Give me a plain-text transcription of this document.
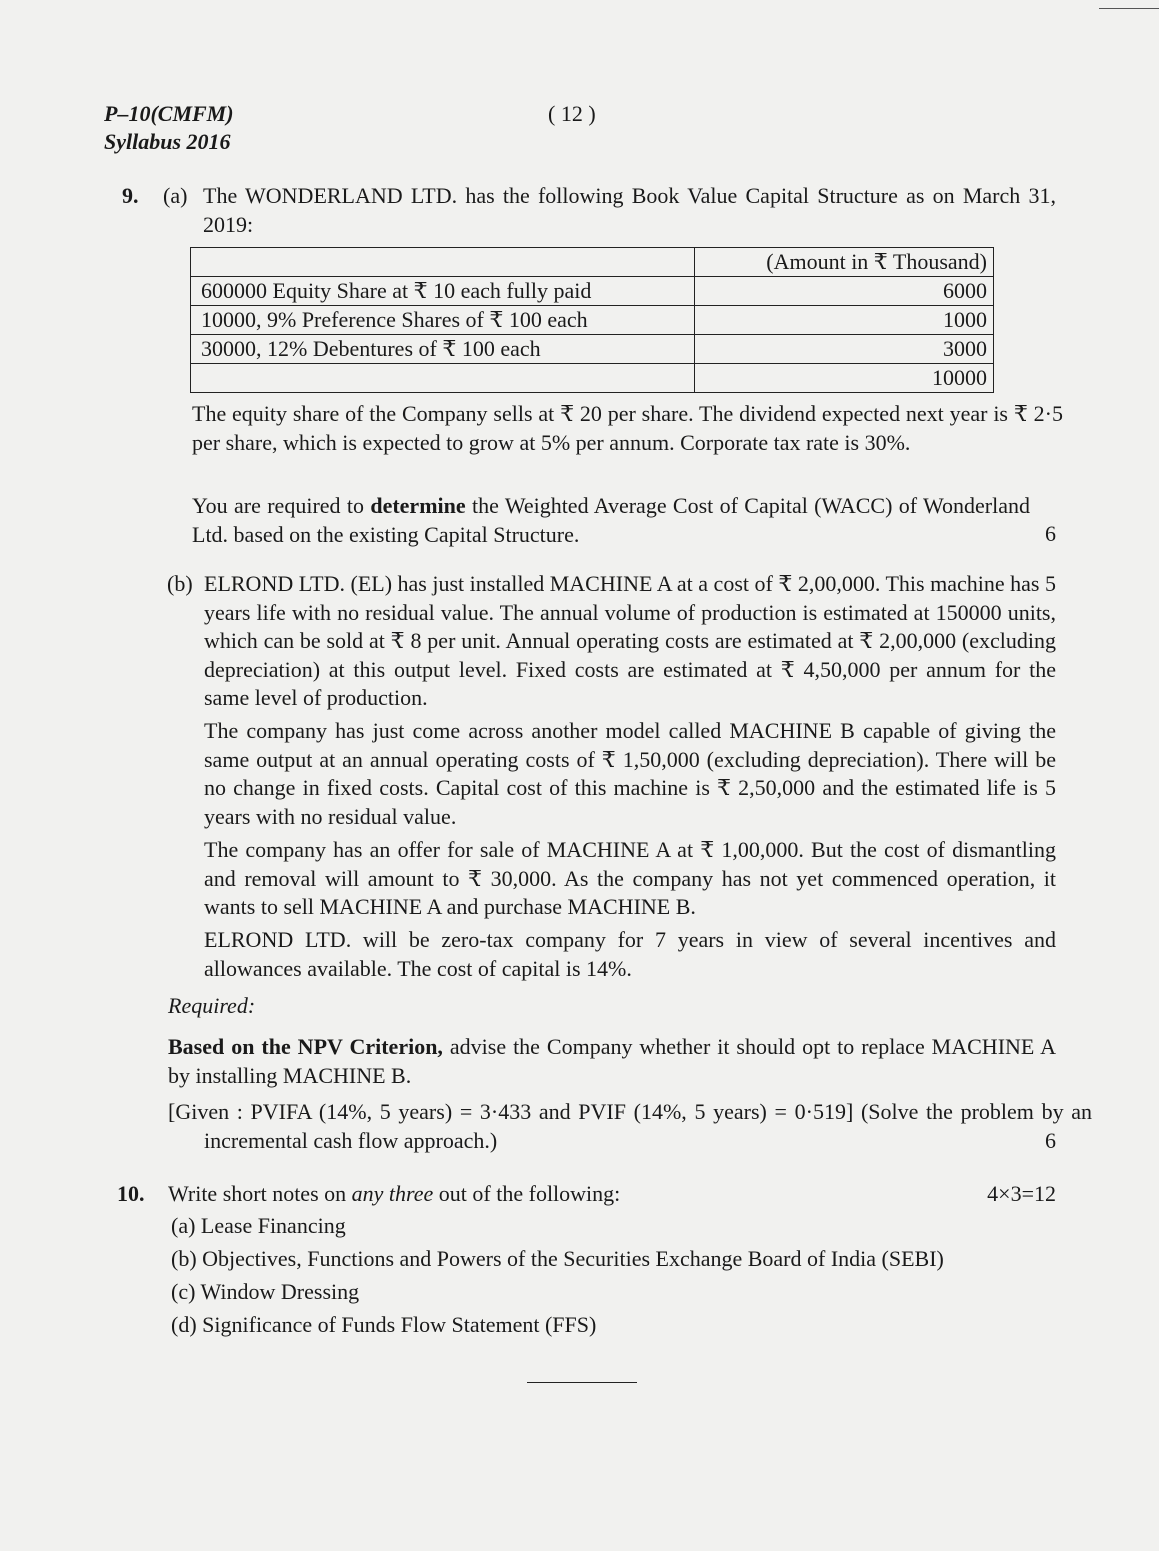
P–10(CMFM)
Syllabus 2016
( 12 )
9. (a) The WONDERLAND LTD. has the following Book Value Capital Structure as on March 31, 2019:
	(Amount in ₹ Thousand)
600000 Equity Share at ₹ 10 each fully paid	6000
10000, 9% Preference Shares of ₹ 100 each	1000
30000, 12% Debentures of ₹ 100 each	3000
	10000
The equity share of the Company sells at ₹ 20 per share. The dividend expected next year is ₹ 2·5 per share, which is expected to grow at 5% per annum. Corporate tax rate is 30%.
You are required to determine the Weighted Average Cost of Capital (WACC) of Wonderland Ltd. based on the existing Capital Structure.	6
(b) ELROND LTD. (EL) has just installed MACHINE A at a cost of ₹ 2,00,000. This machine has 5 years life with no residual value. The annual volume of production is estimated at 150000 units, which can be sold at ₹ 8 per unit. Annual operating costs are estimated at ₹ 2,00,000 (excluding depreciation) at this output level. Fixed costs are estimated at ₹ 4,50,000 per annum for the same level of production.
The company has just come across another model called MACHINE B capable of giving the same output at an annual operating costs of ₹ 1,50,000 (excluding depreciation). There will be no change in fixed costs. Capital cost of this machine is ₹ 2,50,000 and the estimated life is 5 years with no residual value.
The company has an offer for sale of MACHINE A at ₹ 1,00,000. But the cost of dismantling and removal will amount to ₹ 30,000. As the company has not yet commenced operation, it wants to sell MACHINE A and purchase MACHINE B.
ELROND LTD. will be zero-tax company for 7 years in view of several incentives and allowances available. The cost of capital is 14%.
Required:
Based on the NPV Criterion, advise the Company whether it should opt to replace MACHINE A by installing MACHINE B.
[Given : PVIFA (14%, 5 years) = 3·433 and PVIF (14%, 5 years) = 0·519] (Solve the problem by an incremental cash flow approach.)	6
10. Write short notes on any three out of the following:	4×3=12
(a) Lease Financing
(b) Objectives, Functions and Powers of the Securities Exchange Board of India (SEBI)
(c) Window Dressing
(d) Significance of Funds Flow Statement (FFS)
